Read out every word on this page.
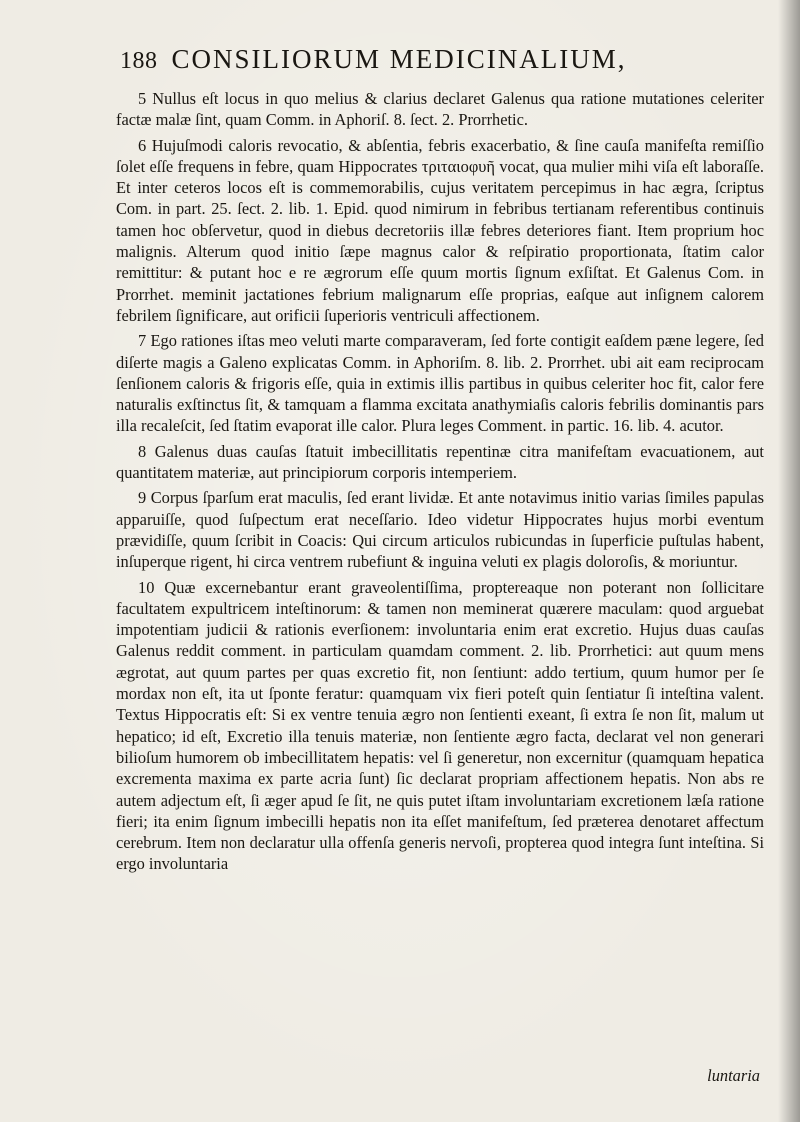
188 CONSILIORUM MEDICINALIUM,

5 Nullus eſt locus in quo melius & clarius declaret Galenus qua ratione mutationes celeriter factæ malæ ſint, quam Comm. in Aphoriſ. 8. ſect. 2. Prorrhetic.

6 Hujuſmodi caloris revocatio, & abſentia, febris exacerbatio, & ſine cauſa manifeſta remiſſio ſolet eſſe frequens in febre, quam Hippocrates τριταιοφυῆ vocat, qua mulier mihi viſa eſt laboraſſe. Et inter ceteros locos eſt is commemorabilis, cujus veritatem percepimus in hac ægra, ſcriptus Com. in part. 25. ſect. 2. lib. 1. Epid. quod nimirum in febribus tertianam referentibus continuis tamen hoc obſervetur, quod in diebus decretoriis illæ febres deteriores fiant. Item proprium hoc malignis. Alterum quod initio ſæpe magnus calor & reſpiratio proportionata, ſtatim calor remittitur: & putant hoc e re ægrorum eſſe quum mortis ſignum exſiſtat. Et Galenus Com. in Prorrhet. meminit jactationes febrium malignarum eſſe proprias, eaſque aut inſignem calorem febrilem ſignificare, aut orificii ſuperioris ventriculi affectionem.

7 Ego rationes iſtas meo veluti marte comparaveram, ſed forte contigit eaſdem pæne legere, ſed diſerte magis a Galeno explicatas Comm. in Aphoriſm. 8. lib. 2. Prorrhet. ubi ait eam reciprocam ſenſionem caloris & frigoris eſſe, quia in extimis illis partibus in quibus celeriter hoc fit, calor fere naturalis exſtinctus ſit, & tamquam a flamma excitata anathymiaſis caloris febrilis dominantis pars illa recaleſcit, ſed ſtatim evaporat ille calor. Plura leges Comment. in partic. 16. lib. 4. acutor.

8 Galenus duas cauſas ſtatuit imbecillitatis repentinæ citra manifeſtam evacuationem, aut quantitatem materiæ, aut principiorum corporis intemperiem.

9 Corpus ſparſum erat maculis, ſed erant lividæ. Et ante notavimus initio varias ſimiles papulas apparuiſſe, quod ſuſpectum erat neceſſario. Ideo videtur Hippocrates hujus morbi eventum prævidiſſe, quum ſcribit in Coacis: Qui circum articulos rubicundas in ſuperficie puſtulas habent, inſuperque rigent, hi circa ventrem rubefiunt & inguina veluti ex plagis doloroſis, & moriuntur.

10 Quæ excernebantur erant graveolentiſſima, proptereaque non poterant non ſollicitare facultatem expultricem inteſtinorum: & tamen non meminerat quærere maculam: quod arguebat impotentiam judicii & rationis everſionem: involuntaria enim erat excretio. Hujus duas cauſas Galenus reddit comment. in particulam quamdam comment. 2. lib. Prorrhetici: aut quum mens ægrotat, aut quum partes per quas excretio fit, non ſentiunt: addo tertium, quum humor per ſe mordax non eſt, ita ut ſponte feratur: quamquam vix fieri poteſt quin ſentiatur ſi inteſtina valent. Textus Hippocratis eſt: Si ex ventre tenuia ægro non ſentienti exeant, ſi extra ſe non ſit, malum ut hepatico; id eſt, Excretio illa tenuis materiæ, non ſentiente ægro facta, declarat vel non generari bilioſum humorem ob imbecillitatem hepatis: vel ſi generetur, non excernitur (quamquam hepatica excrementa maxima ex parte acria ſunt) ſic declarat propriam affectionem hepatis. Non abs re autem adjectum eſt, ſi æger apud ſe ſit, ne quis putet iſtam involuntariam excretionem læſa ratione fieri; ita enim ſignum imbecilli hepatis non ita eſſet manifeſtum, ſed præterea denotaret affectum cerebrum. Item non declaratur ulla offenſa generis nervoſi, propterea quod integra ſunt inteſtina. Si ergo involuntaria

luntaria
